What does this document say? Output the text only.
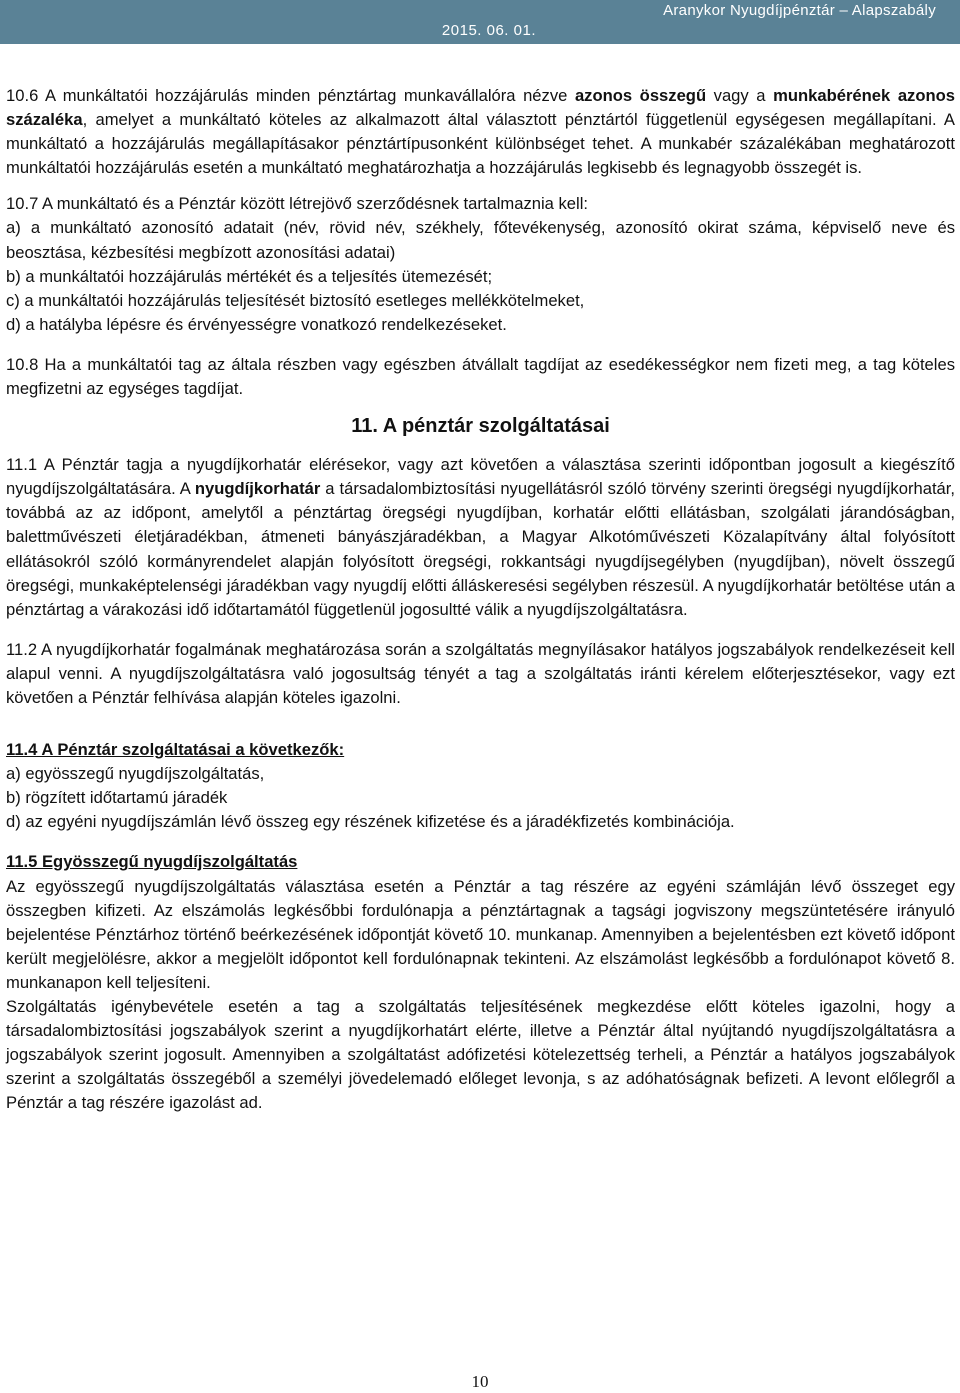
Aranykor Nyugdíjpénztár – Alapszabály
2015. 06. 01.

10.6 A munkáltatói hozzájárulás minden pénztártag munkavállalóra nézve azonos összegű vagy a munkabérének azonos százaléka, amelyet a munkáltató köteles az alkalmazott által választott pénztártól függetlenül egységesen megállapítani. A munkáltató a hozzájárulás megállapításakor pénztártípusonként különbséget tehet. A munkabér százalékában meghatározott munkáltatói hozzájárulás esetén a munkáltató meghatározhatja a hozzájárulás legkisebb és legnagyobb összegét is.

10.7 A munkáltató és a Pénztár között létrejövő szerződésnek tartalmaznia kell:

a) a munkáltató azonosító adatait (név, rövid név, székhely, főtevékenység, azonosító okirat száma, képviselő neve és beosztása, kézbesítési megbízott azonosítási adatai)

b) a munkáltatói hozzájárulás mértékét és a teljesítés ütemezését;

c) a munkáltatói hozzájárulás teljesítését biztosító esetleges mellékkötelmeket,

d) a hatályba lépésre és érvényességre vonatkozó rendelkezéseket.

10.8 Ha a munkáltatói tag az általa részben vagy egészben átvállalt tagdíjat az esedékességkor nem fizeti meg, a tag köteles megfizetni az egységes tagdíjat.

11. A pénztár szolgáltatásai

11.1 A Pénztár tagja a nyugdíjkorhatár elérésekor, vagy azt követően a választása szerinti időpontban jogosult a kiegészítő nyugdíjszolgáltatására. A nyugdíjkorhatár a társadalombiztosítási nyugellátásról szóló törvény szerinti öregségi nyugdíjkorhatár, továbbá az az időpont, amelytől a pénztártag öregségi nyugdíjban, korhatár előtti ellátásban, szolgálati járandóságban, balettművészeti életjáradékban, átmeneti bányászjáradékban, a Magyar Alkotóművészeti Közalapítvány által folyósított ellátásokról szóló kormányrendelet alapján folyósított öregségi, rokkantsági nyugdíjsegélyben (nyugdíjban), növelt összegű öregségi, munkaképtelenségi járadékban vagy nyugdíj előtti álláskeresési segélyben részesül. A nyugdíjkorhatár betöltése után a pénztártag a várakozási idő időtartamától függetlenül jogosultté válik a nyugdíjszolgáltatásra.

11.2 A nyugdíjkorhatár fogalmának meghatározása során a szolgáltatás megnyílásakor hatályos jogszabályok rendelkezéseit kell alapul venni. A nyugdíjszolgáltatásra való jogosultság tényét a tag a szolgáltatás iránti kérelem előterjesztésekor, vagy ezt követően a Pénztár felhívása alapján köteles igazolni.

11.4 A Pénztár szolgáltatásai a következők:

a) egyösszegű nyugdíjszolgáltatás,

b) rögzített időtartamú járadék

d) az egyéni nyugdíjszámlán lévő összeg egy részének kifizetése és a járadékfizetés kombinációja.

11.5 Egyösszegű nyugdíjszolgáltatás

Az egyösszegű nyugdíjszolgáltatás választása esetén a Pénztár a tag részére az egyéni számláján lévő összeget egy összegben kifizeti. Az elszámolás legkésőbbi fordulónapja a pénztártagnak a tagsági jogviszony megszüntetésére irányuló bejelentése Pénztárhoz történő beérkezésének időpontját követő 10. munkanap. Amennyiben a bejelentésben ezt követő időpont került megjelölésre, akkor a megjelölt időpontot kell fordulónapnak tekinteni. Az elszámolást legkésőbb a fordulónapot követő 8. munkanapon kell teljesíteni.

Szolgáltatás igénybevétele esetén a tag a szolgáltatás teljesítésének megkezdése előtt köteles igazolni, hogy a társadalombiztosítási jogszabályok szerint a nyugdíjkorhatárt elérte, illetve a Pénztár által nyújtandó nyugdíjszolgáltatásra a jogszabályok szerint jogosult. Amennyiben a szolgáltatást adófizetési kötelezettség terheli, a Pénztár a hatályos jogszabályok szerint a szolgáltatás összegéből a személyi jövedelemadó előleget levonja, s az adóhatóságnak befizeti. A levont előlegről a Pénztár a tag részére igazolást ad.

10
